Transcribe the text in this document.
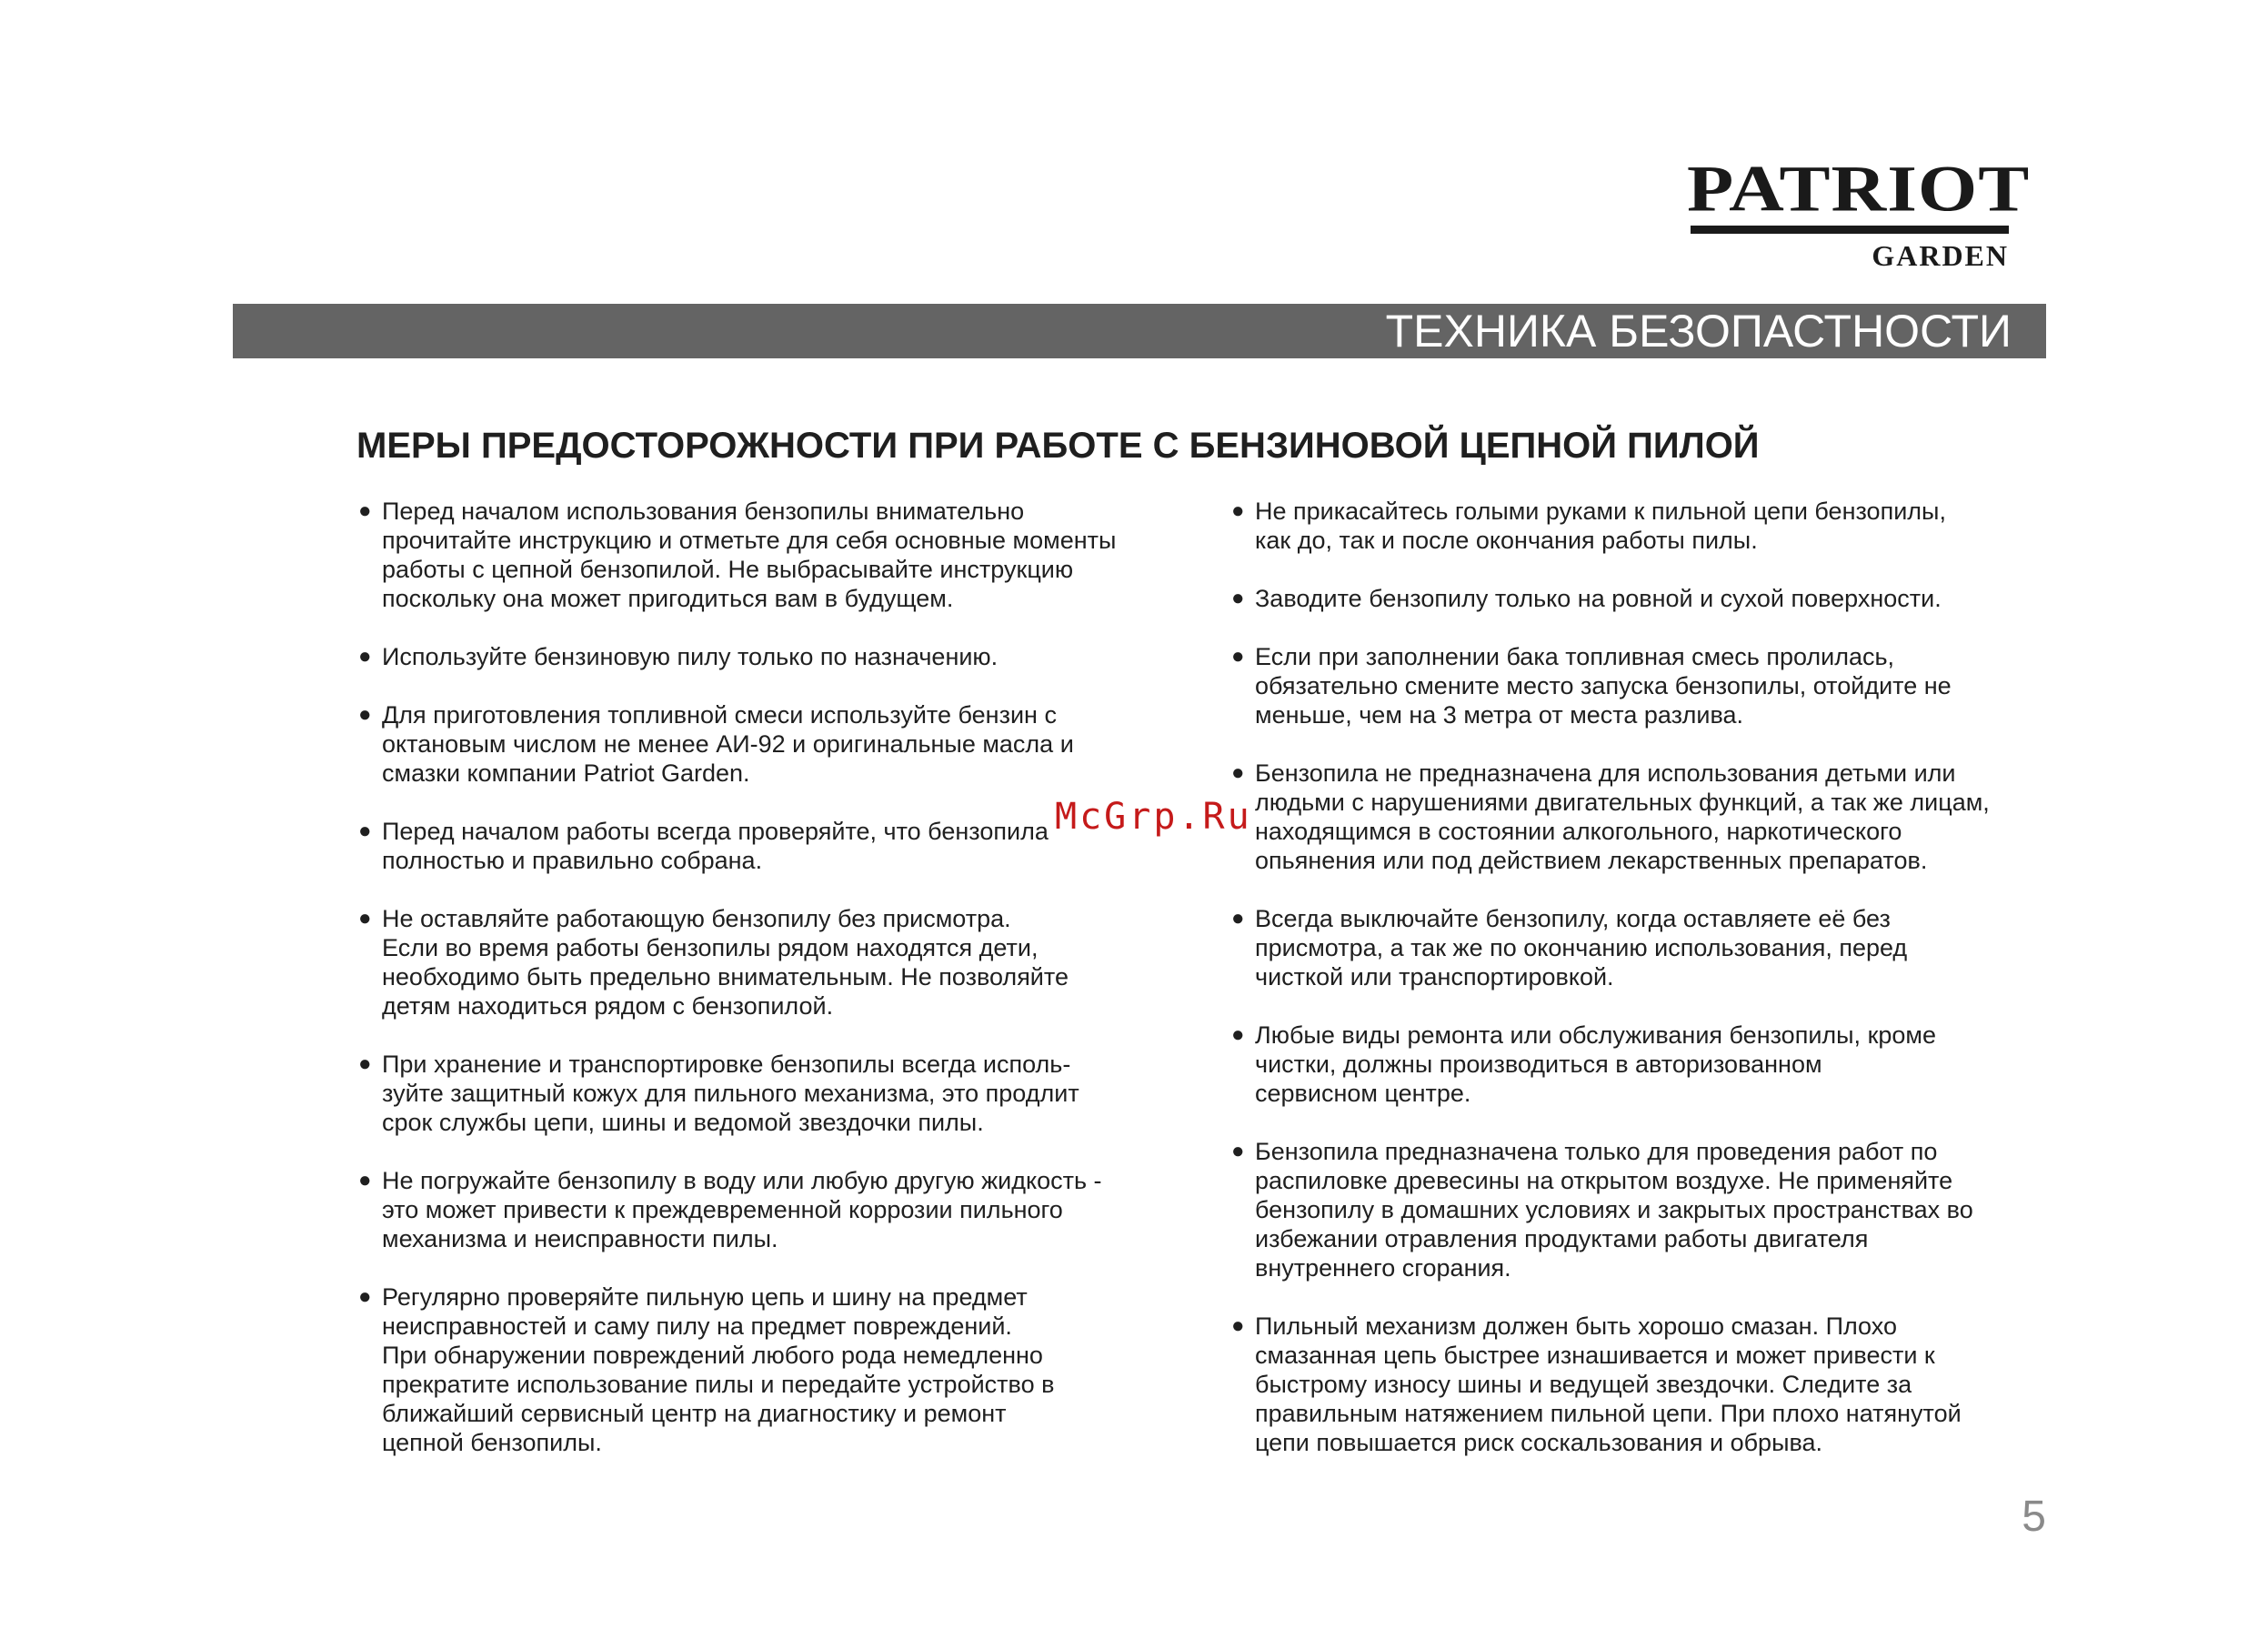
PATRIOT
GARDEN
ТЕХНИКА БЕЗОПАСТНОСТИ
МЕРЫ ПРЕДОСТОРОЖНОСТИ ПРИ РАБОТЕ С БЕНЗИНОВОЙ ЦЕПНОЙ ПИЛОЙ
● Перед началом использования бензопилы внимательно
прочитайте инструкцию и отметьте для себя основные моменты
работы с цепной бензопилой. Не выбрасывайте инструкцию
поскольку она может пригодиться вам в будущем.
● Используйте бензиновую пилу только по назначению.
● Для приготовления топливной смеси используйте бензин с
октановым числом не менее АИ-92 и оригинальные масла и
смазки компании Patriot Garden.
● Перед началом работы всегда проверяйте, что бензопила
полностью и правильно собрана.
● Не оставляйте работающую бензопилу без присмотра.
Если во время работы бензопилы рядом находятся дети,
необходимо быть предельно внимательным. Не позволяйте
детям находиться рядом с бензопилой.
● При хранение и транспортировке бензопилы всегда исполь-
зуйте защитный кожух для пильного механизма, это продлит
срок службы цепи, шины и ведомой звездочки пилы.
● Не погружайте бензопилу в воду или любую другую жидкость -
это может привести к преждевременной коррозии пильного
механизма и неисправности пилы.
● Регулярно проверяйте пильную цепь и шину на предмет
неисправностей и саму пилу на предмет повреждений.
При обнаружении повреждений любого рода немедленно
прекратите использование пилы и передайте устройство в
ближайший сервисный центр на диагностику и ремонт
цепной бензопилы.
● Не прикасайтесь голыми руками к пильной цепи бензопилы,
как до, так и после окончания работы пилы.
● Заводите бензопилу только на ровной и сухой поверхности.
● Если при заполнении бака топливная смесь пролилась,
обязательно смените место запуска бензопилы, отойдите не
меньше, чем на 3 метра от места разлива.
● Бензопила не предназначена для использования детьми или
людьми с нарушениями двигательных функций, а так же лицам,
находящимся в состоянии алкогольного, наркотического
опьянения или под действием лекарственных препаратов.
● Всегда выключайте бензопилу, когда оставляете её без
присмотра, а так же по окончанию использования, перед
чисткой или транспортировкой.
● Любые виды ремонта или обслуживания бензопилы, кроме
чистки, должны производиться в авторизованном
сервисном центре.
● Бензопила предназначена только для проведения работ по
распиловке древесины на открытом воздухе. Не применяйте
бензопилу в домашних условиях и закрытых пространствах во
избежании отравления продуктами работы двигателя
внутреннего сгорания.
● Пильный механизм должен быть хорошо смазан. Плохо
смазанная цепь быстрее изнашивается и может привести к
быстрому износу шины и ведущей звездочки. Следите за
правильным натяжением пильной цепи. При плохо натянутой
цепи повышается риск соскальзования и обрыва.
McGrp.Ru
5
